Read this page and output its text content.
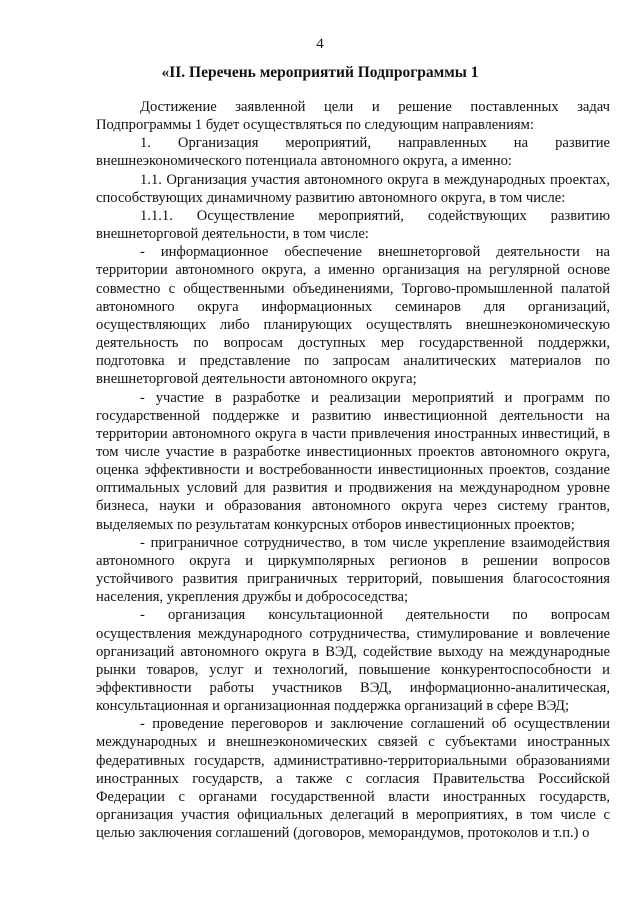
4
«II. Перечень мероприятий Подпрограммы 1

Достижение заявленной цели и решение поставленных задач Подпрограммы 1 будет осуществляться по следующим направлениям:

1. Организация мероприятий, направленных на развитие внешнеэкономического потенциала автономного округа, а именно:

1.1. Организация участия автономного округа в международных проектах, способствующих динамичному развитию автономного округа, в том числе:

1.1.1. Осуществление мероприятий, содействующих развитию внешнеторговой деятельности, в том числе:

- информационное обеспечение внешнеторговой деятельности на территории автономного округа, а именно организация на регулярной основе совместно с общественными объединениями, Торгово-промышленной палатой автономного округа информационных семинаров для организаций, осуществляющих либо планирующих осуществлять внешнеэкономическую деятельность по вопросам доступных мер государственной поддержки, подготовка и представление по запросам аналитических материалов по внешнеторговой деятельности автономного округа;

- участие в разработке и реализации мероприятий и программ по государственной поддержке и развитию инвестиционной деятельности на территории автономного округа в части привлечения иностранных инвестиций, в том числе участие в разработке инвестиционных проектов автономного округа, оценка эффективности и востребованности инвестиционных проектов, создание оптимальных условий для развития и продвижения на международном уровне бизнеса, науки и образования автономного округа через систему грантов, выделяемых по результатам конкурсных отборов инвестиционных проектов;

- приграничное сотрудничество, в том числе укрепление взаимодействия автономного округа и циркумполярных регионов в решении вопросов устойчивого развития приграничных территорий, повышения благосостояния населения, укрепления дружбы и добрососедства;

- организация консультационной деятельности по вопросам осуществления международного сотрудничества, стимулирование и вовлечение организаций автономного округа в ВЭД, содействие выходу на международные рынки товаров, услуг и технологий, повышение конкурентоспособности и эффективности работы участников ВЭД, информационно-аналитическая, консультационная и организационная поддержка организаций в сфере ВЭД;

- проведение переговоров и заключение соглашений об осуществлении международных и внешнеэкономических связей с субъектами иностранных федеративных государств, административно-территориальными образованиями иностранных государств, а также с согласия Правительства Российской Федерации с органами государственной власти иностранных государств, организация участия официальных делегаций в мероприятиях, в том числе с целью заключения соглашений (договоров, меморандумов, протоколов и т.п.) о
